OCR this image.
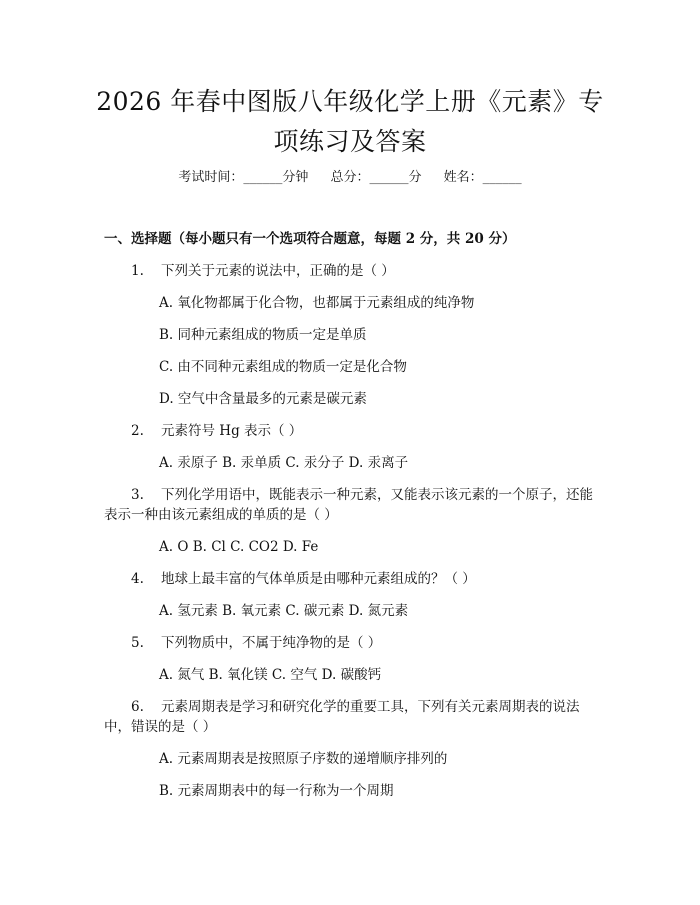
2026 年春中图版八年级化学上册《元素》专
项练习及答案
考试时间：______分钟 总分：______分 姓名：______
一、选择题（每小题只有一个选项符合题意，每题 2 分，共 20 分）
1. 下列关于元素的说法中，正确的是（ ）
A. 氧化物都属于化合物，也都属于元素组成的纯净物
B. 同种元素组成的物质一定是单质
C. 由不同种元素组成的物质一定是化合物
D. 空气中含量最多的元素是碳元素
2. 元素符号 Hg 表示（ ）
A. 汞原子 B. 汞单质 C. 汞分子 D. 汞离子
3. 下列化学用语中，既能表示一种元素，又能表示该元素的一个原子，还能
表示一种由该元素组成的单质的是（ ）
A. O B. Cl C. CO2 D. Fe
4. 地球上最丰富的气体单质是由哪种元素组成的？（ ）
A. 氢元素 B. 氧元素 C. 碳元素 D. 氮元素
5. 下列物质中，不属于纯净物的是（ ）
A. 氮气 B. 氧化镁 C. 空气 D. 碳酸钙
6. 元素周期表是学习和研究化学的重要工具，下列有关元素周期表的说法
中，错误的是（ ）
A. 元素周期表是按照原子序数的递增顺序排列的
B. 元素周期表中的每一行称为一个周期
